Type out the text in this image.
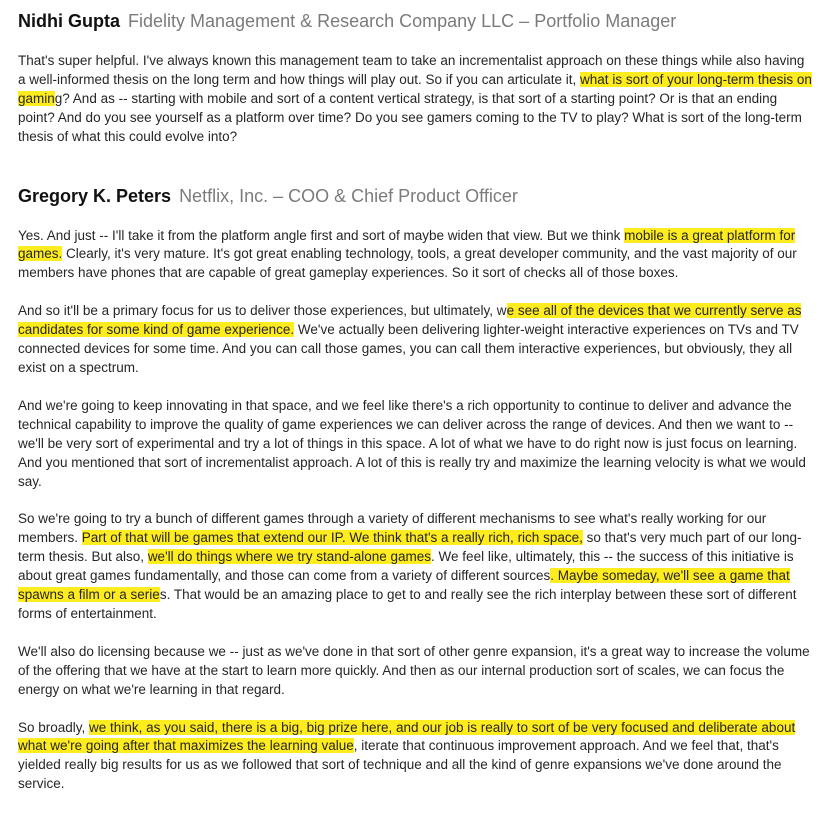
Nidhi Gupta Fidelity Management & Research Company LLC – Portfolio Manager

That's super helpful. I've always known this management team to take an incrementalist approach on these things while also having a well-informed thesis on the long term and how things will play out. So if you can articulate it, what is sort of your long-term thesis on gaming? And as -- starting with mobile and sort of a content vertical strategy, is that sort of a starting point? Or is that an ending point? And do you see yourself as a platform over time? Do you see gamers coming to the TV to play? What is sort of the long-term thesis of what this could evolve into?

Gregory K. Peters Netflix, Inc. – COO & Chief Product Officer

Yes. And just -- I'll take it from the platform angle first and sort of maybe widen that view. But we think mobile is a great platform for games. Clearly, it's very mature. It's got great enabling technology, tools, a great developer community, and the vast majority of our members have phones that are capable of great gameplay experiences. So it sort of checks all of those boxes.

And so it'll be a primary focus for us to deliver those experiences, but ultimately, we see all of the devices that we currently serve as candidates for some kind of game experience. We've actually been delivering lighter-weight interactive experiences on TVs and TV connected devices for some time. And you can call those games, you can call them interactive experiences, but obviously, they all exist on a spectrum.

And we're going to keep innovating in that space, and we feel like there's a rich opportunity to continue to deliver and advance the technical capability to improve the quality of game experiences we can deliver across the range of devices. And then we want to -- we'll be very sort of experimental and try a lot of things in this space. A lot of what we have to do right now is just focus on learning. And you mentioned that sort of incrementalist approach. A lot of this is really try and maximize the learning velocity is what we would say.

So we're going to try a bunch of different games through a variety of different mechanisms to see what's really working for our members. Part of that will be games that extend our IP. We think that's a really rich, rich space, so that's very much part of our long-term thesis. But also, we'll do things where we try stand-alone games. We feel like, ultimately, this -- the success of this initiative is about great games fundamentally, and those can come from a variety of different sources. Maybe someday, we'll see a game that spawns a film or a series. That would be an amazing place to get to and really see the rich interplay between these sort of different forms of entertainment.

We'll also do licensing because we -- just as we've done in that sort of other genre expansion, it's a great way to increase the volume of the offering that we have at the start to learn more quickly. And then as our internal production sort of scales, we can focus the energy on what we're learning in that regard.

So broadly, we think, as you said, there is a big, big prize here, and our job is really to sort of be very focused and deliberate about what we're going after that maximizes the learning value, iterate that continuous improvement approach. And we feel that, that's yielded really big results for us as we followed that sort of technique and all the kind of genre expansions we've done around the service.
